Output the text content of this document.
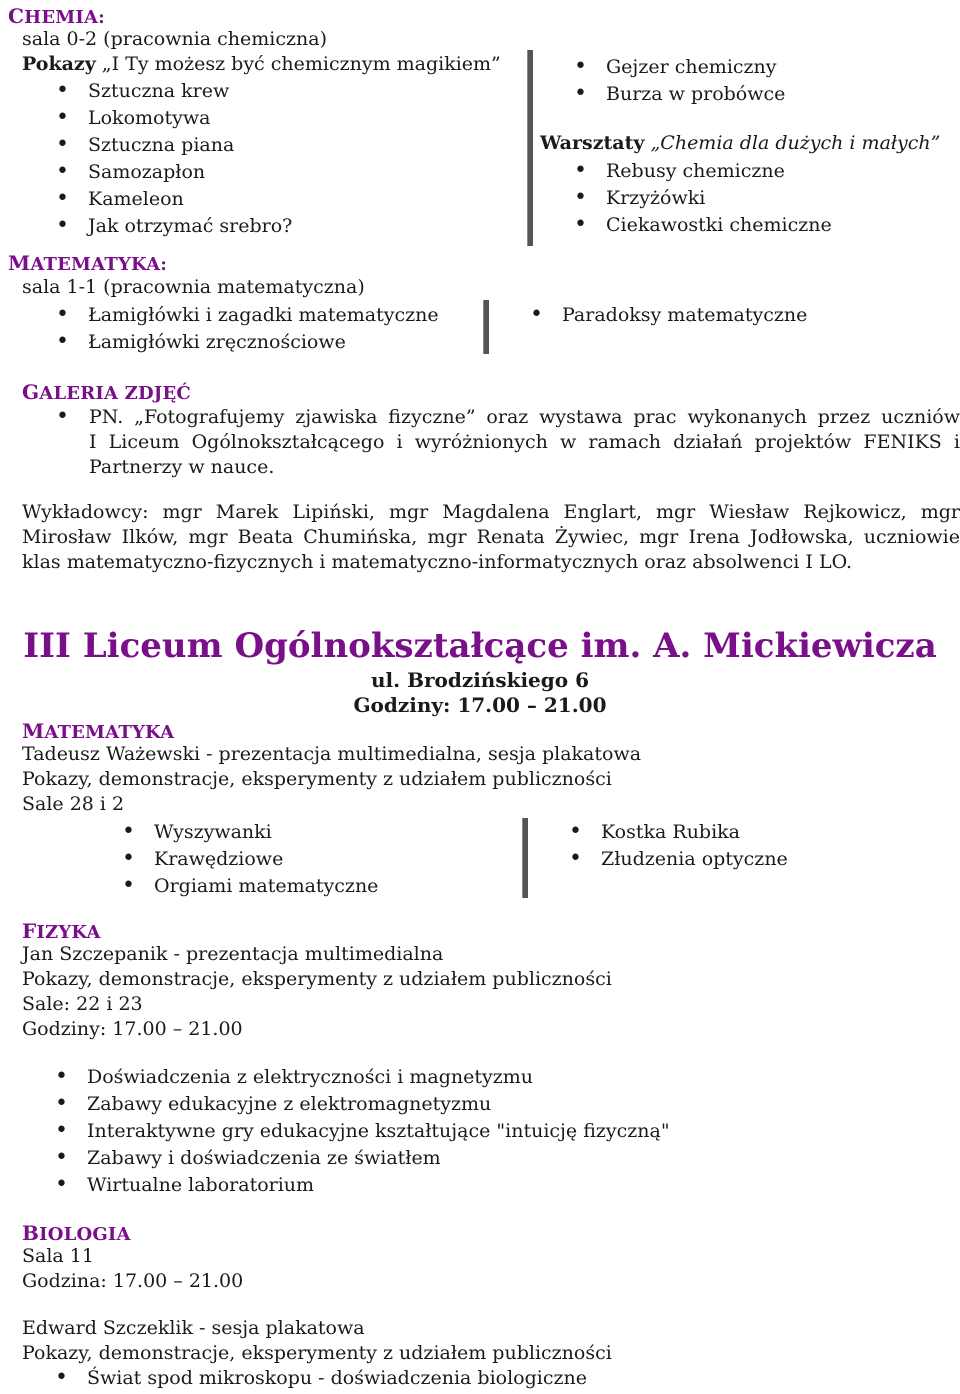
CHEMIA:
sala 0-2 (pracownia chemiczna)
Pokazy „I Ty możesz być chemicznym magikiem”
• Sztuczna krew
• Lokomotywa
• Sztuczna piana
• Samozapłon
• Kameleon
• Jak otrzymać srebro?
• Gejzer chemiczny
• Burza w probówce
Warsztaty „Chemia dla dużych i małych”
• Rebusy chemiczne
• Krzyżówki
• Ciekawostki chemiczne
MATEMATYKA:
sala 1-1 (pracownia matematyczna)
• Łamigłówki i zagadki matematyczne
• Łamigłówki zręcznościowe
• Paradoksy matematyczne
GALERIA ZDJĘĆ
• PN. „Fotografujemy zjawiska fizyczne” oraz wystawa prac wykonanych przez uczniów
I Liceum Ogólnokształcącego i wyróżnionych w ramach działań projektów FENIKS i
Partnerzy w nauce.
Wykładowcy: mgr Marek Lipiński, mgr Magdalena Englart, mgr Wiesław Rejkowicz, mgr
Mirosław Ilków, mgr Beata Chumińska, mgr Renata Żywiec, mgr Irena Jodłowska, uczniowie
klas matematyczno-fizycznych i matematyczno-informatycznych oraz absolwenci I LO.
III Liceum Ogólnokształcące im. A. Mickiewicza
ul. Brodzińskiego 6
Godziny: 17.00 – 21.00
MATEMATYKA
Tadeusz Ważewski - prezentacja multimedialna, sesja plakatowa
Pokazy, demonstracje, eksperymenty z udziałem publiczności
Sale 28 i 2
• Wyszywanki
• Krawędziowe
• Orgiami matematyczne
• Kostka Rubika
• Złudzenia optyczne
FIZYKA
Jan Szczepanik - prezentacja multimedialna
Pokazy, demonstracje, eksperymenty z udziałem publiczności
Sale: 22 i 23
Godziny: 17.00 – 21.00
• Doświadczenia z elektryczności i magnetyzmu
• Zabawy edukacyjne z elektromagnetyzmu
• Interaktywne gry edukacyjne kształtujące "intuicję fizyczną"
• Zabawy i doświadczenia ze światłem
• Wirtualne laboratorium
BIOLOGIA
Sala 11
Godzina: 17.00 – 21.00
Edward Szczeklik - sesja plakatowa
Pokazy, demonstracje, eksperymenty z udziałem publiczności
• Świat spod mikroskopu - doświadczenia biologiczne
